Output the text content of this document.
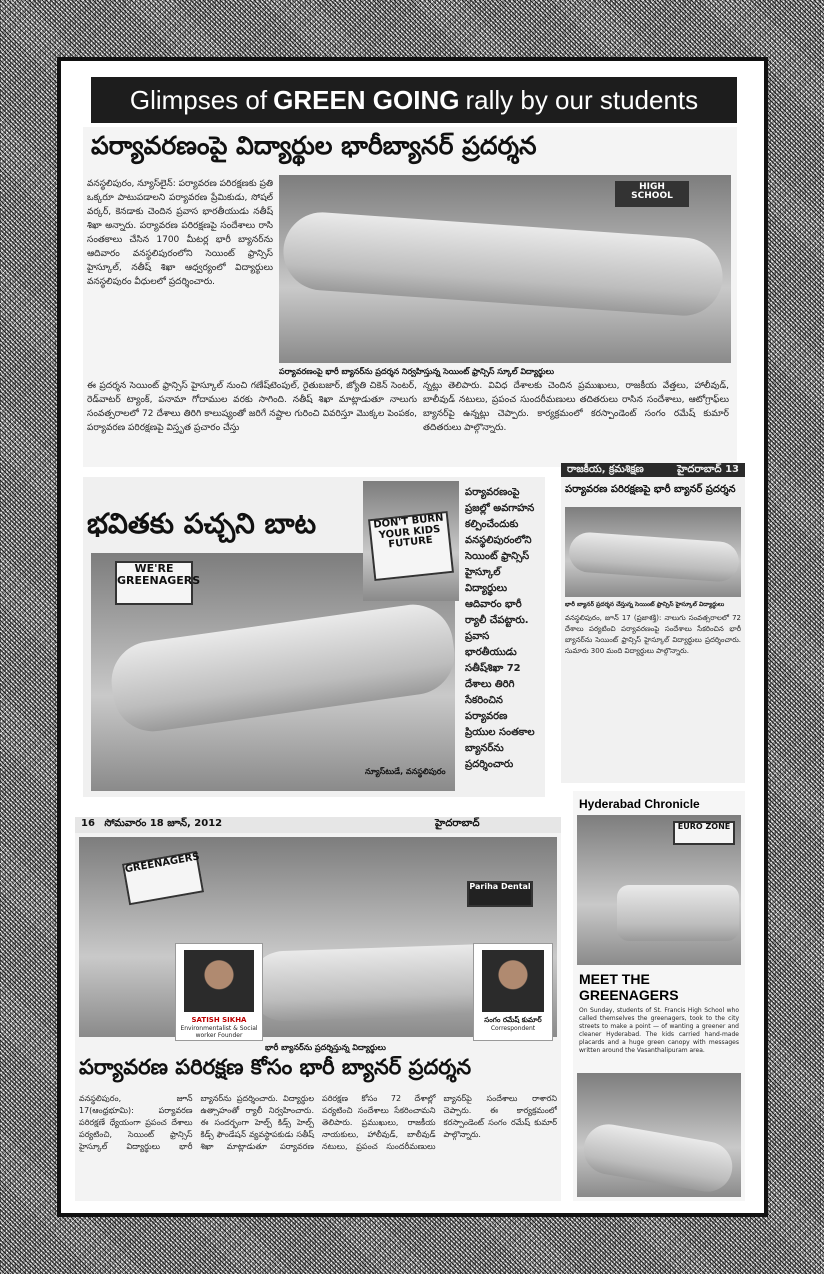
Glimpses of GREEN GOING rally by our students
పర్యావరణంపై విద్యార్థుల భారీబ్యానర్ ప్రదర్శన
వనస్థలిపురం, న్యూస్‌లైన్: పర్యావరణ పరిరక్షణకు ప్రతి ఒక్కరూ పాటుపడాలని పర్యావరణ ప్రేమికుడు, సోషల్ వర్కర్, కెనడాకు చెందిన ప్రవాస భారతీయుడు నతీష్ శిఖా అన్నారు. పర్యావరణ పరిరక్షణపై సందేశాలు రాసి సంతకాలు చేసిన 1700 మీటర్ల భారీ బ్యానర్‌ను ఆదివారం వనస్థలిపురంలోని సెయింట్ ఫ్రాన్సిస్ హైస్కూల్, నతీష్ శిఖా ఆధ్వర్యంలో విద్యార్థులు వనస్థలిపురం వీధులలో ప్రదర్శించారు.
HIGH SCHOOL
పర్యావరణంపై భారీ బ్యానర్‌ను ప్రదర్శన నిర్వహిస్తున్న సెయింట్ ఫ్రాన్సిస్ స్కూల్ విద్యార్థులు
ఈ ప్రదర్శన సెయింట్ ఫ్రాన్సిస్ హైస్కూల్ నుంచి గణేష్‌టెంపుల్, రైతుబజార్, జ్యోతి చికెన్ సెంటర్, రెడ్‌వాటర్ ట్యాంక్, పనామా గోదాముల వరకు సాగింది. నతీష్ శిఖా మాట్లాడుతూ నాలుగు సంవత్సరాలలో 72 దేశాలు తిరిగి కాలుష్యంతో జరిగే నష్టాల గురించి వివరిస్తూ మొక్కల పెంపకం, పర్యావరణ పరిరక్షణపై విస్తృత ప్రచారం చేస్తు
న్నట్లు తెలిపారు. వివిధ దేశాలకు చెందిన ప్రముఖులు, రాజకీయ వేత్తలు, హాలీవుడ్, బాలీవుడ్ నటులు, ప్రపంచ సుందరీమణులు తదితరులు రాసిన సందేశాలు, ఆటోగ్రాఫ్‌లు బ్యానర్‌పై ఉన్నట్లు చెప్పారు. కార్యక్రమంలో కరస్పాండెంట్ సంగం రమేష్ కుమార్ తదితరులు పాల్గొన్నారు.
భవితకు పచ్చని బాట
WE'RE GREENAGERS
DON'T BURN YOUR KIDS FUTURE
పర్యావరణంపై ప్రజల్లో అవగాహన కల్పించేందుకు వనస్థలిపురంలోని సెయింట్ ఫ్రాన్సిస్ హైస్కూల్ విద్యార్థులు ఆదివారం భారీ ర్యాలీ చేపట్టారు. ప్రవాస భారతీయుడు సతీష్‌శిఖా 72 దేశాలు తిరిగి సేకరించిన పర్యావరణ ప్రియుల సంతకాల బ్యానర్‌ను ప్రదర్శించారు
న్యూస్‌టుడే, వనస్థలిపురం
రాజకీయ, క్రమశిక్షణ	హైదరాబాద్ 13
పర్యావరణ పరిరక్షణపై భారీ బ్యానర్ ప్రదర్శన
భారీ బ్యానర్ ప్రదర్శన చేస్తున్న సెయింట్ ఫ్రాన్సిస్ హైస్కూల్ విద్యార్థులు
వనస్థలిపురం, జూన్ 17 (ప్రజాశక్తి): నాలుగు సంవత్సరాలలో 72 దేశాలు పర్యటించి పర్యావరణంపై సందేశాలు సేకరించిన భారీ బ్యానర్‌ను సెయింట్ ఫ్రాన్సిస్ హైస్కూల్ విద్యార్థులు ప్రదర్శించారు. సుమారు 300 మంది విద్యార్థులు పాల్గొన్నారు.
16 సోమవారం 18 జూన్, 2012	హైదరాబాద్
GREENAGERS
Pariha Dental
SATISH SIKHA
Environmentalist & Social worker Founder
సంగం రమేష్ కుమార్
Correspondent
భారీ బ్యానర్‌ను ప్రదర్శిస్తున్న విద్యార్థులు
పర్యావరణ పరిరక్షణ కోసం భారీ బ్యానర్ ప్రదర్శన
వనస్థలిపురం, జూన్ 17(ఆంధ్రభూమి): పర్యావరణ పరిరక్షణే ధ్యేయంగా ప్రపంచ దేశాలు పర్యటించి, సెయింట్ ఫ్రాన్సిస్ హైస్కూల్ విద్యార్థులు భారీ బ్యానర్‌ను ప్రదర్శించారు. విద్యార్థుల ఉత్సాహంతో ర్యాలీ నిర్వహించారు. ఈ సందర్భంగా హెల్ప్ కిడ్స్ హెల్ప్ కిడ్స్ ఫౌండేషన్ వ్యవస్థాపకుడు సతీష్ శిఖా మాట్లాడుతూ పర్యావరణ పరిరక్షణ కోసం 72 దేశాల్లో పర్యటించి సందేశాలు సేకరించామని తెలిపారు. ప్రముఖులు, రాజకీయ నాయకులు, హాలీవుడ్, బాలీవుడ్ నటులు, ప్రపంచ సుందరీమణులు బ్యానర్‌పై సందేశాలు రాశారని చెప్పారు. ఈ కార్యక్రమంలో కరస్పాండెంట్ సంగం రమేష్ కుమార్ పాల్గొన్నారు.
Hyderabad Chronicle
EURO ZONE
MEET THE
GREENAGERS
On Sunday, students of St. Francis High School who called themselves the greenagers, took to the city streets to make a point — of wanting a greener and cleaner Hyderabad. The kids carried hand-made placards and a huge green canopy with messages written around the Vasanthalipuram area.
